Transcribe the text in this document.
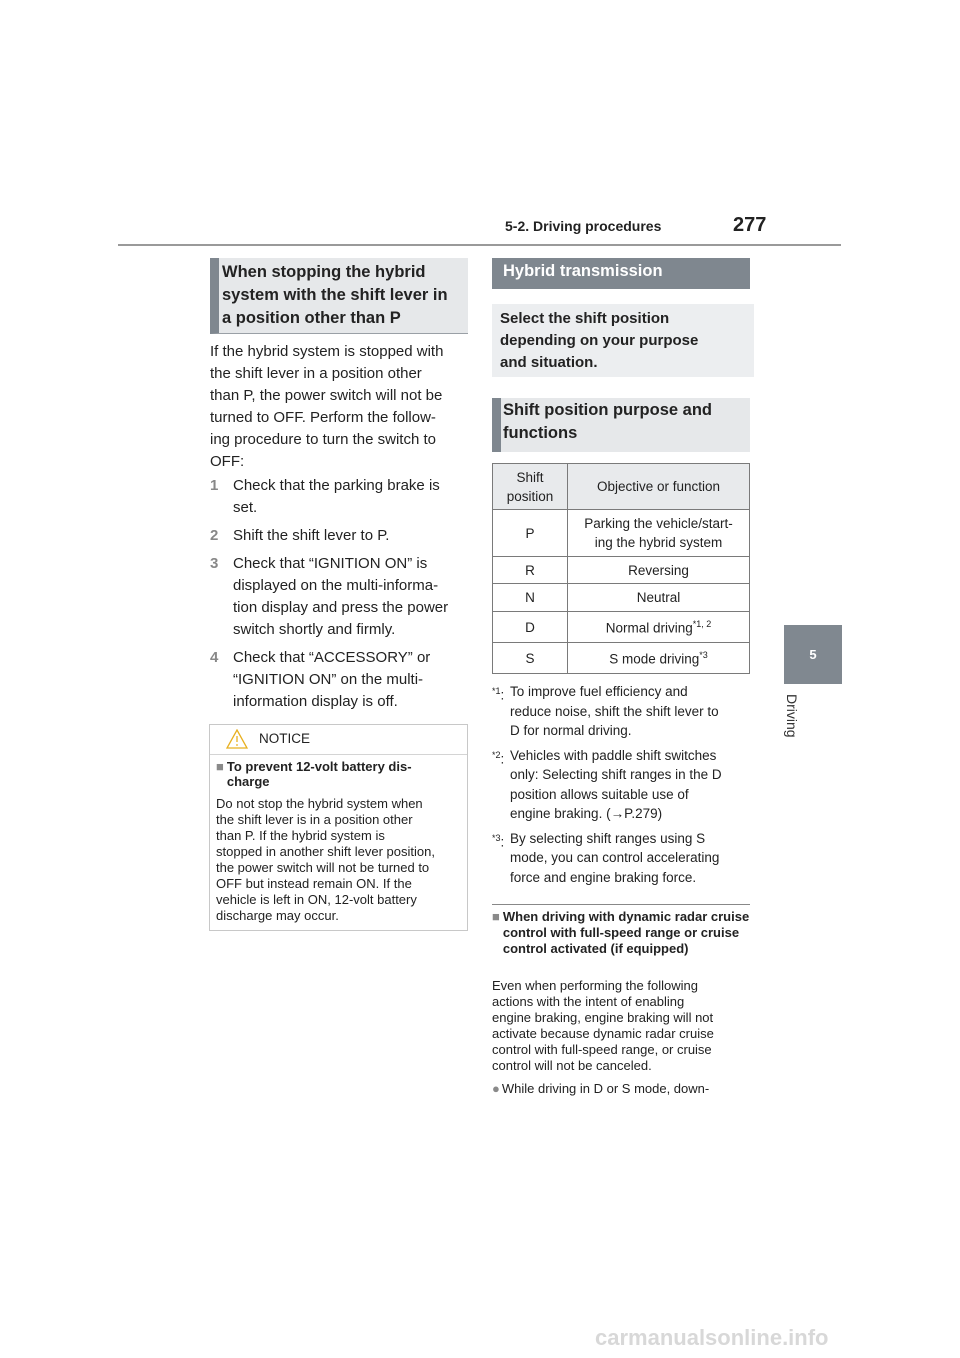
5-2. Driving procedures	277
5
Driving
When stopping the hybrid
system with the shift lever in
a position other than P
If the hybrid system is stopped with
the shift lever in a position other
than P, the power switch will not be
turned to OFF. Perform the follow-
ing procedure to turn the switch to
OFF:
1 Check that the parking brake is
set.
2 Shift the shift lever to P.
3 Check that “IGNITION ON” is
displayed on the multi-informa-
tion display and press the power
switch shortly and firmly.
4 Check that “ACCESSORY” or
“IGNITION ON” on the multi-
information display is off.
NOTICE
■ To prevent 12-volt battery dis-charge
Do not stop the hybrid system when
the shift lever is in a position other
than P. If the hybrid system is
stopped in another shift lever position,
the power switch will not be turned to
OFF but instead remain ON. If the
vehicle is left in ON, 12-volt battery
discharge may occur.
Hybrid transmission
Select the shift position
depending on your purpose
and situation.
Shift position purpose and
functions
Shift
position	Objective or function
P	Parking the vehicle/start-
ing the hybrid system

R	Reversing
N	Neutral
D	Normal driving$^{*1, 2}$
S	S mode driving$^{*3}$
$^{*1}$: To improve fuel efficiency and
reduce noise, shift the shift lever to
D for normal driving.
$^{*2}$: Vehicles with paddle shift switches
only: Selecting shift ranges in the D
position allows suitable use of
engine braking. (→P.279)
$^{*3}$: By selecting shift ranges using S
mode, you can control accelerating
force and engine braking force.
■ When driving with dynamic radar cruise control with full-speed range or cruise control activated (if equipped)
Even when performing the following
actions with the intent of enabling
engine braking, engine braking will not
activate because dynamic radar cruise
control with full-speed range, or cruise
control will not be canceled.
● While driving in D or S mode, down-
carmanualsonline.info
